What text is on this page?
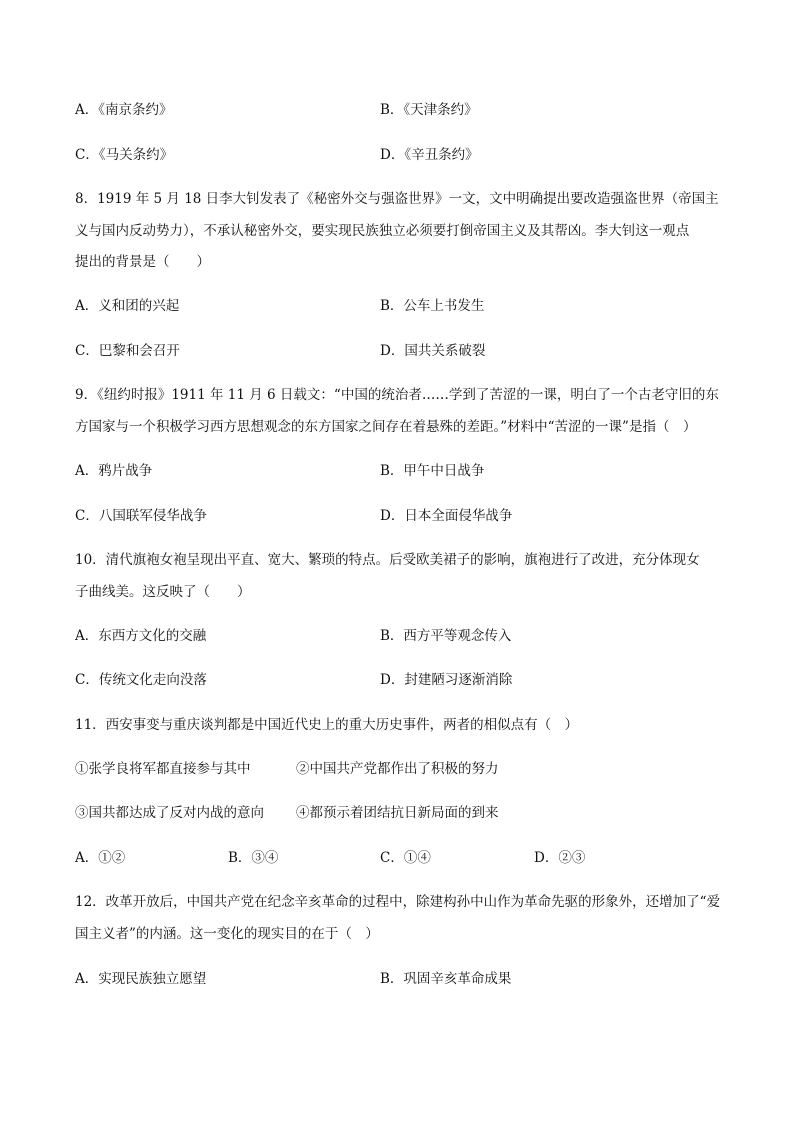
A．《南京条约》	B．《天津条约》
C．《马关条约》	D．《辛丑条约》
8．1919 年 5 月 18 日李大钊发表了《秘密外交与强盗世界》一文，文中明确提出要改造强盗世界（帝国主
义与国内反动势力），不承认秘密外交，要实现民族独立必须要打倒帝国主义及其帮凶。李大钊这一观点
提出的背景是（　　）
A．义和团的兴起	B．公车上书发生
C．巴黎和会召开	D．国共关系破裂
9．《纽约时报》1911 年 11 月 6 日载文：“中国的统治者……学到了苦涩的一课，明白了一个古老守旧的东
方国家与一个积极学习西方思想观念的东方国家之间存在着悬殊的差距。”材料中“苦涩的一课”是指（　）
A．鸦片战争	B．甲午中日战争
C．八国联军侵华战争	D．日本全面侵华战争
10．清代旗袍女袍呈现出平直、宽大、繁琐的特点。后受欧美裙子的影响，旗袍进行了改进，充分体现女
子曲线美。这反映了（　　）
A．东西方文化的交融	B．西方平等观念传入
C．传统文化走向没落	D．封建陋习逐渐消除
11．西安事变与重庆谈判都是中国近代史上的重大历史事件，两者的相似点有（　）
①张学良将军都直接参与其中	②中国共产党都作出了积极的努力
③国共都达成了反对内战的意向 ④都预示着团结抗日新局面的到来
A．①②	B．③④	C．①④	D．②③
12．改革开放后，中国共产党在纪念辛亥革命的过程中，除建构孙中山作为革命先驱的形象外，还增加了“爱
国主义者”的内涵。这一变化的现实目的在于（　）
A．实现民族独立愿望	B．巩固辛亥革命成果
